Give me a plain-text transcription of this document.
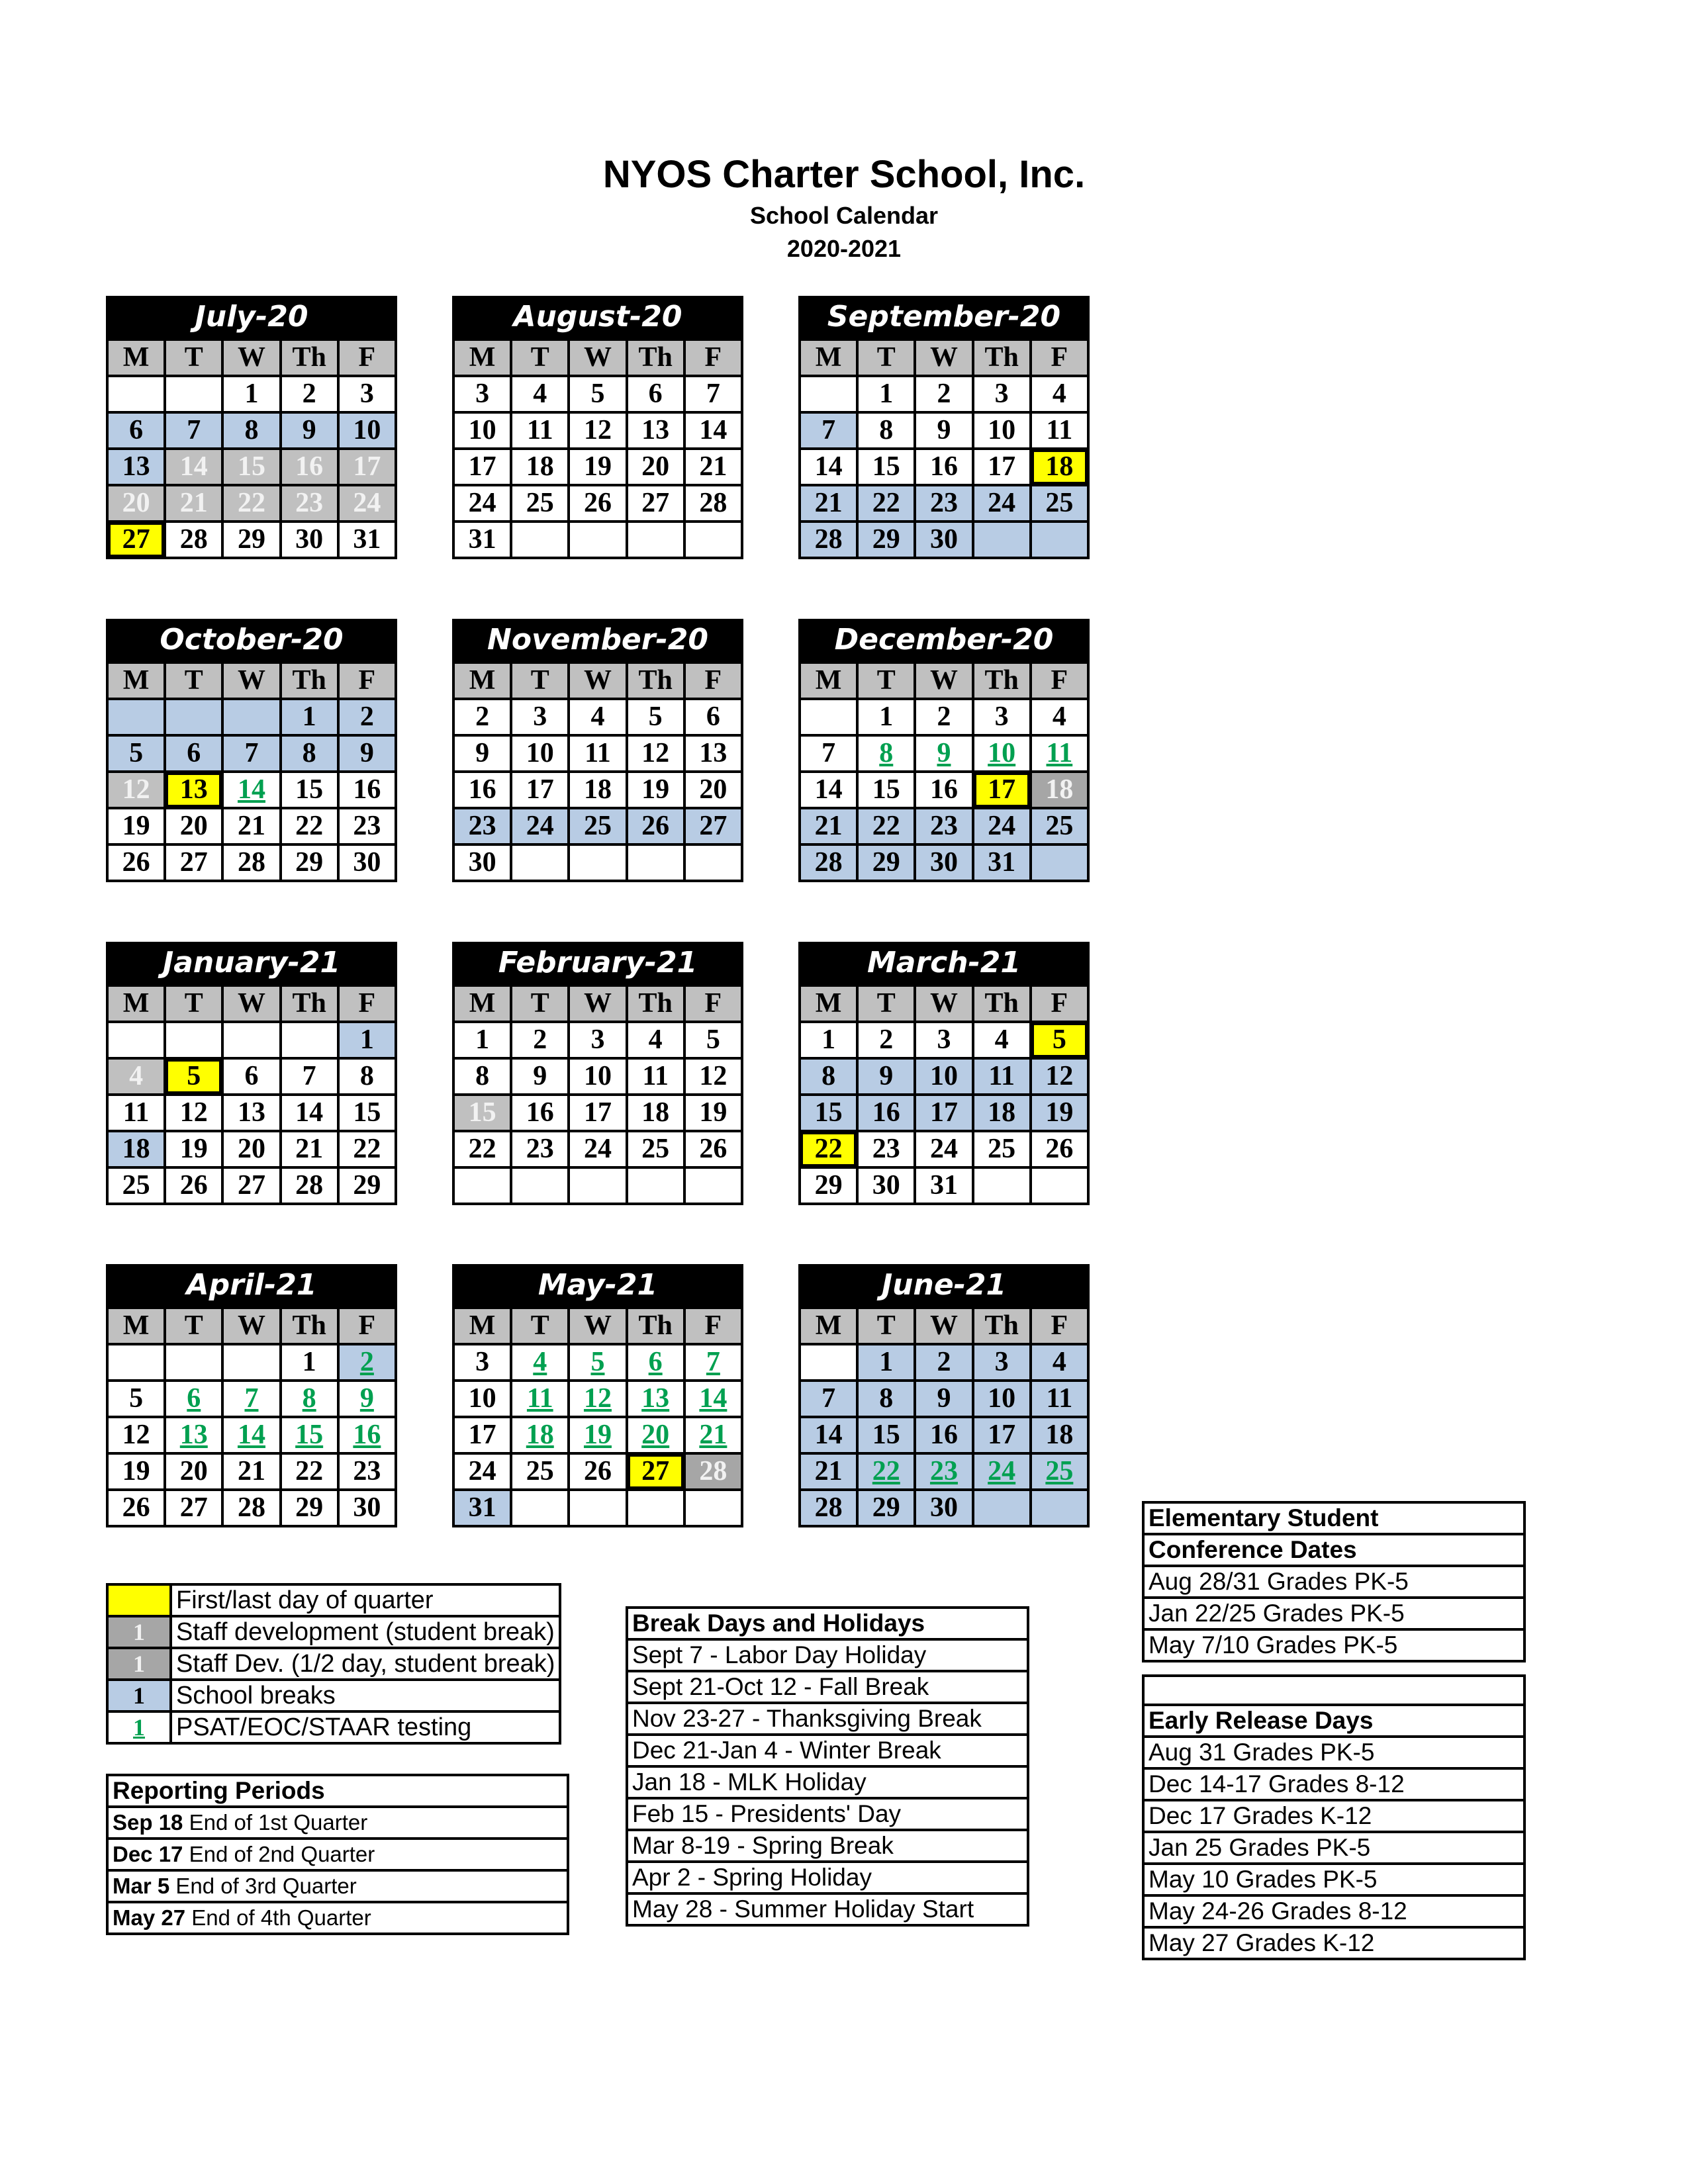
NYOS Charter School, Inc.
School Calendar
2020-2021
July-20
M	T	W	Th	F
		1	2	3
6	7	8	9	10
13	14	15	16	17
20	21	22	23	24
27	28	29	30	31
August-20
M	T	W	Th	F
3	4	5	6	7
10	11	12	13	14
17	18	19	20	21
24	25	26	27	28
31				
September-20
M	T	W	Th	F
	1	2	3	4
7	8	9	10	11
14	15	16	17	18
21	22	23	24	25
28	29	30		
October-20
M	T	W	Th	F
			1	2
5	6	7	8	9
12	13	14	15	16
19	20	21	22	23
26	27	28	29	30
November-20
M	T	W	Th	F
2	3	4	5	6
9	10	11	12	13
16	17	18	19	20
23	24	25	26	27
30				
December-20
M	T	W	Th	F
	1	2	3	4
7	8	9	10	11
14	15	16	17	18
21	22	23	24	25
28	29	30	31	
January-21
M	T	W	Th	F
				1
4	5	6	7	8
11	12	13	14	15
18	19	20	21	22
25	26	27	28	29
February-21
M	T	W	Th	F
1	2	3	4	5
8	9	10	11	12
15	16	17	18	19
22	23	24	25	26

March-21
M	T	W	Th	F
1	2	3	4	5
8	9	10	11	12
15	16	17	18	19
22	23	24	25	26
29	30	31		
April-21
M	T	W	Th	F
			1	2
5	6	7	8	9
12	13	14	15	16
19	20	21	22	23
26	27	28	29	30
May-21
M	T	W	Th	F
3	4	5	6	7
10	11	12	13	14
17	18	19	20	21
24	25	26	27	28
31				
June-21
M	T	W	Th	F
	1	2	3	4
7	8	9	10	11
14	15	16	17	18
21	22	23	24	25
28	29	30		
	First/last day of quarter
1	Staff development (student break)
1	Staff Dev. (1/2 day, student break)
1	School breaks
1	PSAT/EOC/STAAR testing
Reporting Periods
Sep 18 End of 1st Quarter
Dec 17 End of 2nd Quarter
Mar 5 End of 3rd Quarter
May 27 End of 4th Quarter
Break Days and Holidays
Sept 7 - Labor Day Holiday
Sept 21-Oct 12 - Fall Break
Nov 23-27 - Thanksgiving Break
Dec 21-Jan 4 - Winter Break
Jan 18 - MLK Holiday
Feb 15 - Presidents' Day
Mar 8-19 - Spring Break
Apr 2 - Spring Holiday
May 28 - Summer Holiday Start
Elementary Student
Conference Dates
Aug 28/31 Grades PK-5
Jan 22/25 Grades PK-5
May 7/10 Grades PK-5

Early Release Days
Aug 31 Grades PK-5
Dec 14-17 Grades 8-12
Dec 17 Grades K-12
Jan 25 Grades PK-5
May 10 Grades PK-5
May 24-26 Grades 8-12
May 27 Grades K-12
